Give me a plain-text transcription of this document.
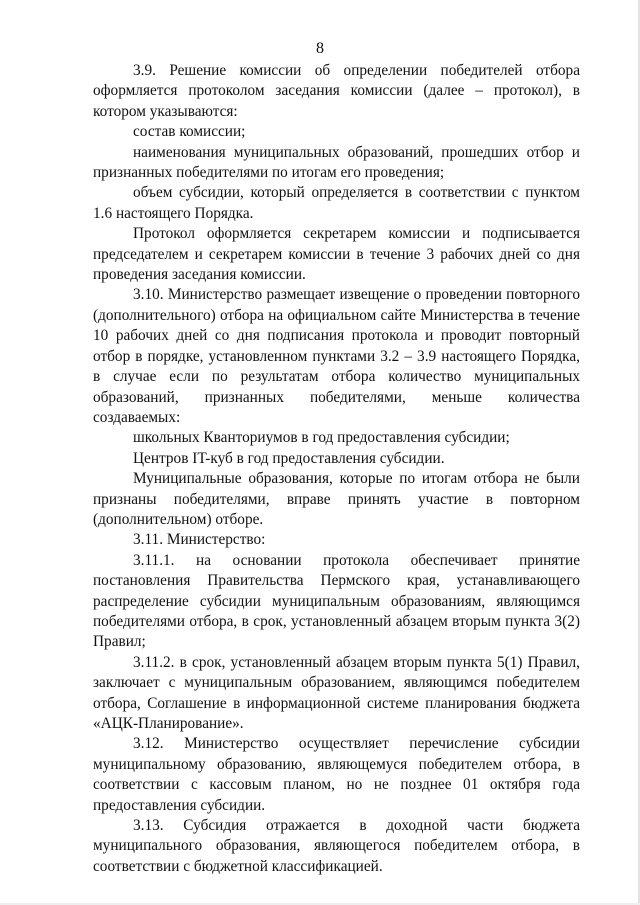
8

3.9. Решение комиссии об определении победителей отбора оформляется протоколом заседания комиссии (далее – протокол), в котором указываются:

состав комиссии;

наименования муниципальных образований, прошедших отбор и признанных победителями по итогам его проведения;

объем субсидии, который определяется в соответствии с пунктом 1.6 настоящего Порядка.

Протокол оформляется секретарем комиссии и подписывается председателем и секретарем комиссии в течение 3 рабочих дней со дня проведения заседания комиссии.

3.10. Министерство размещает извещение о проведении повторного (дополнительного) отбора на официальном сайте Министерства в течение 10 рабочих дней со дня подписания протокола и проводит повторный отбор в порядке, установленном пунктами 3.2 – 3.9 настоящего Порядка, в случае если по результатам отбора количество муниципальных образований, признанных победителями, меньше количества создаваемых:

школьных Кванториумов в год предоставления субсидии;

Центров IT-куб в год предоставления субсидии.

Муниципальные образования, которые по итогам отбора не были признаны победителями, вправе принять участие в повторном (дополнительном) отборе.

3.11. Министерство:

3.11.1. на основании протокола обеспечивает принятие постановления Правительства Пермского края, устанавливающего распределение субсидии муниципальным образованиям, являющимся победителями отбора, в срок, установленный абзацем вторым пункта 3(2) Правил;

3.11.2. в срок, установленный абзацем вторым пункта 5(1) Правил, заключает с муниципальным образованием, являющимся победителем отбора, Соглашение в информационной системе планирования бюджета «АЦК-Планирование».

3.12. Министерство осуществляет перечисление субсидии муниципальному образованию, являющемуся победителем отбора, в соответствии с кассовым планом, но не позднее 01 октября года предоставления субсидии.

3.13. Субсидия отражается в доходной части бюджета муниципального образования, являющегося победителем отбора, в соответствии с бюджетной классификацией.
